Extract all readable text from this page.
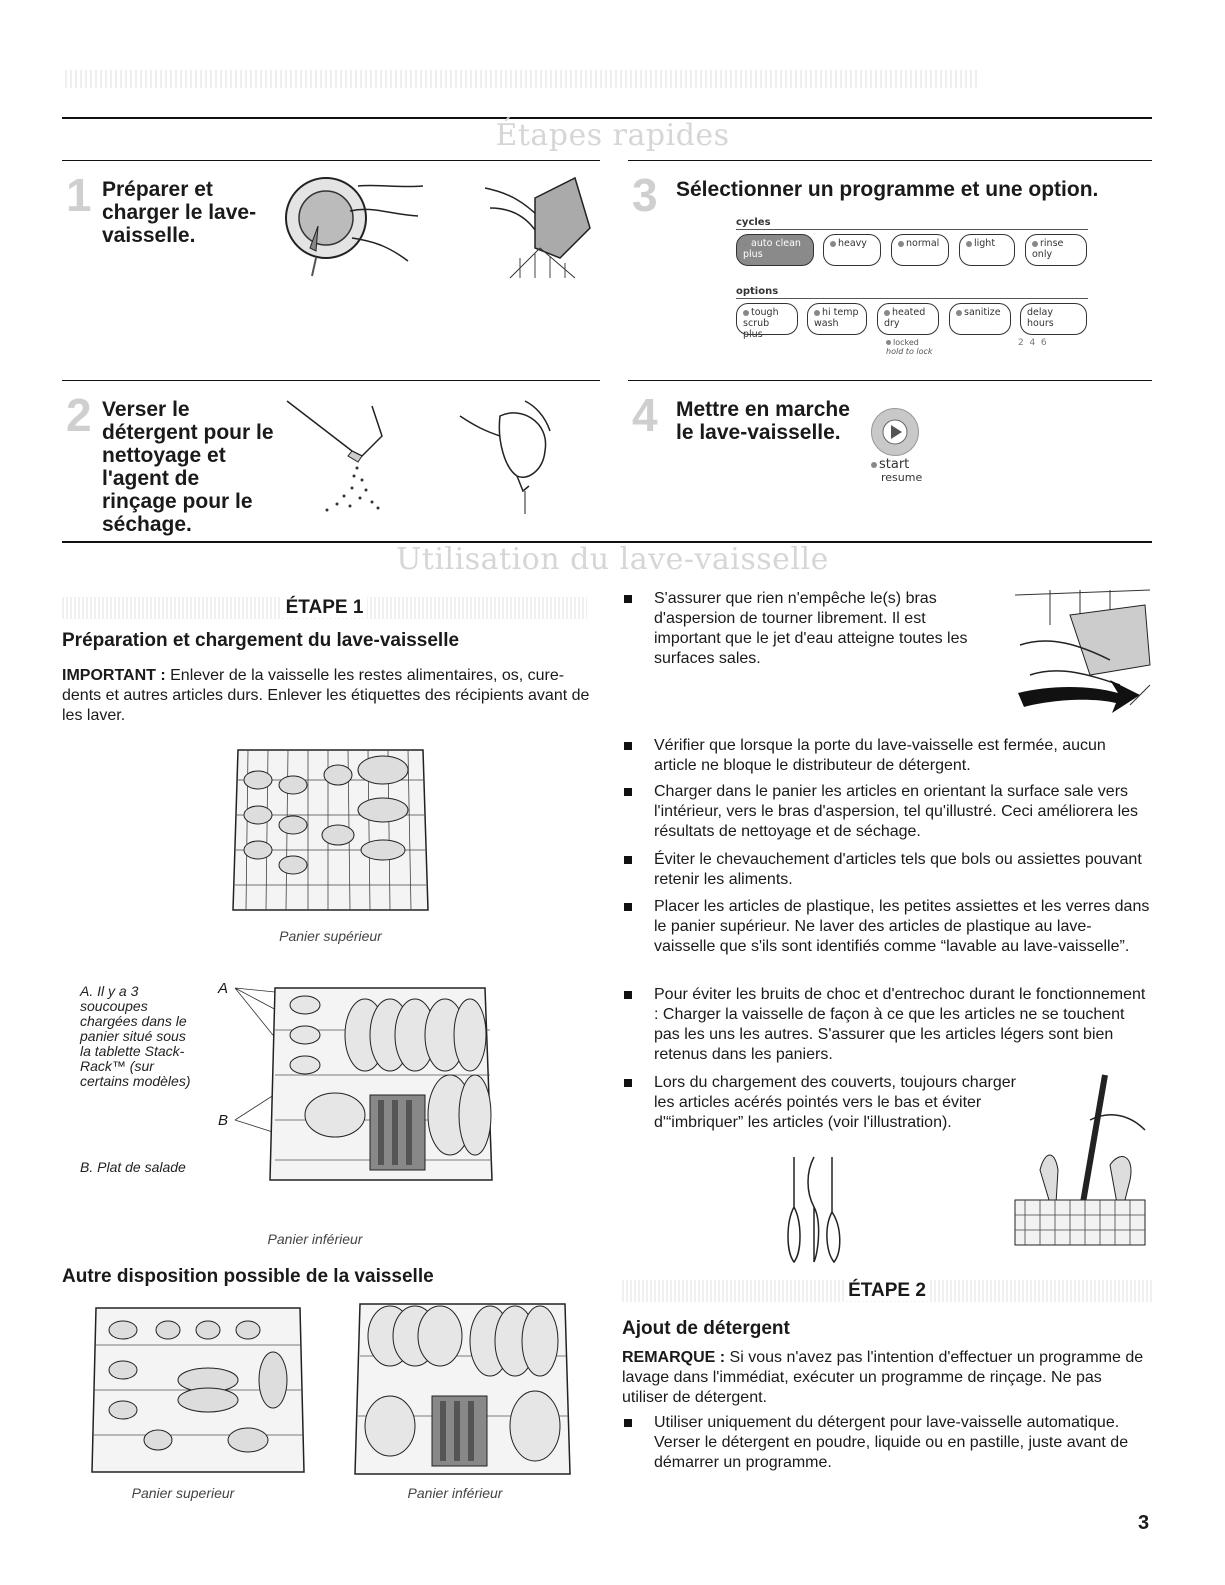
Étapes rapides
1 Préparer et charger le lave-vaisselle.
3 Sélectionner un programme et une option.
cycles
auto clean plus
heavy	normal	light	rinse only
options
tough scrub plus
hi temp wash
heated dry
sanitize	delay hours
locked
hold to lock
2  4  6
2 Verser le détergent pour le nettoyage et l'agent de rinçage pour le séchage.
4 Mettre en marche le lave-vaisselle.
start
resume
Utilisation du lave-vaisselle
ÉTAPE 1
Préparation et chargement du lave-vaisselle
IMPORTANT : Enlever de la vaisselle les restes alimentaires, os, cure-dents et autres articles durs. Enlever les étiquettes des récipients avant de les laver.
Panier supérieur
A. Il y a 3 soucoupes chargées dans le panier situé sous la tablette Stack-Rack™ (sur certains modèles)
B. Plat de salade
A
B
Panier inférieur
Autre disposition possible de la vaisselle
Panier superieur	Panier inférieur
S'assurer que rien n'empêche le(s) bras d'aspersion de tourner librement. Il est important que le jet d'eau atteigne toutes les surfaces sales.
Vérifier que lorsque la porte du lave-vaisselle est fermée, aucun article ne bloque le distributeur de détergent.
Charger dans le panier les articles en orientant la surface sale vers l'intérieur, vers le bras d'aspersion, tel qu'illustré. Ceci améliorera les résultats de nettoyage et de séchage.
Éviter le chevauchement d'articles tels que bols ou assiettes pouvant retenir les aliments.
Placer les articles de plastique, les petites assiettes et les verres dans le panier supérieur. Ne laver des articles de plastique au lave-vaisselle que s'ils sont identifiés comme “lavable au lave-vaisselle”.
Pour éviter les bruits de choc et d'entrechoc durant le fonctionnement : Charger la vaisselle de façon à ce que les articles ne se touchent pas les uns les autres. S'assurer que les articles légers sont bien retenus dans les paniers.
Lors du chargement des couverts, toujours charger les articles acérés pointés vers le bas et éviter d'“imbriquer” les articles (voir l'illustration).
ÉTAPE 2
Ajout de détergent
REMARQUE : Si vous n'avez pas l'intention d'effectuer un programme de lavage dans l'immédiat, exécuter un programme de rinçage. Ne pas utiliser de détergent.
Utiliser uniquement du détergent pour lave-vaisselle automatique. Verser le détergent en poudre, liquide ou en pastille, juste avant de démarrer un programme.
3
